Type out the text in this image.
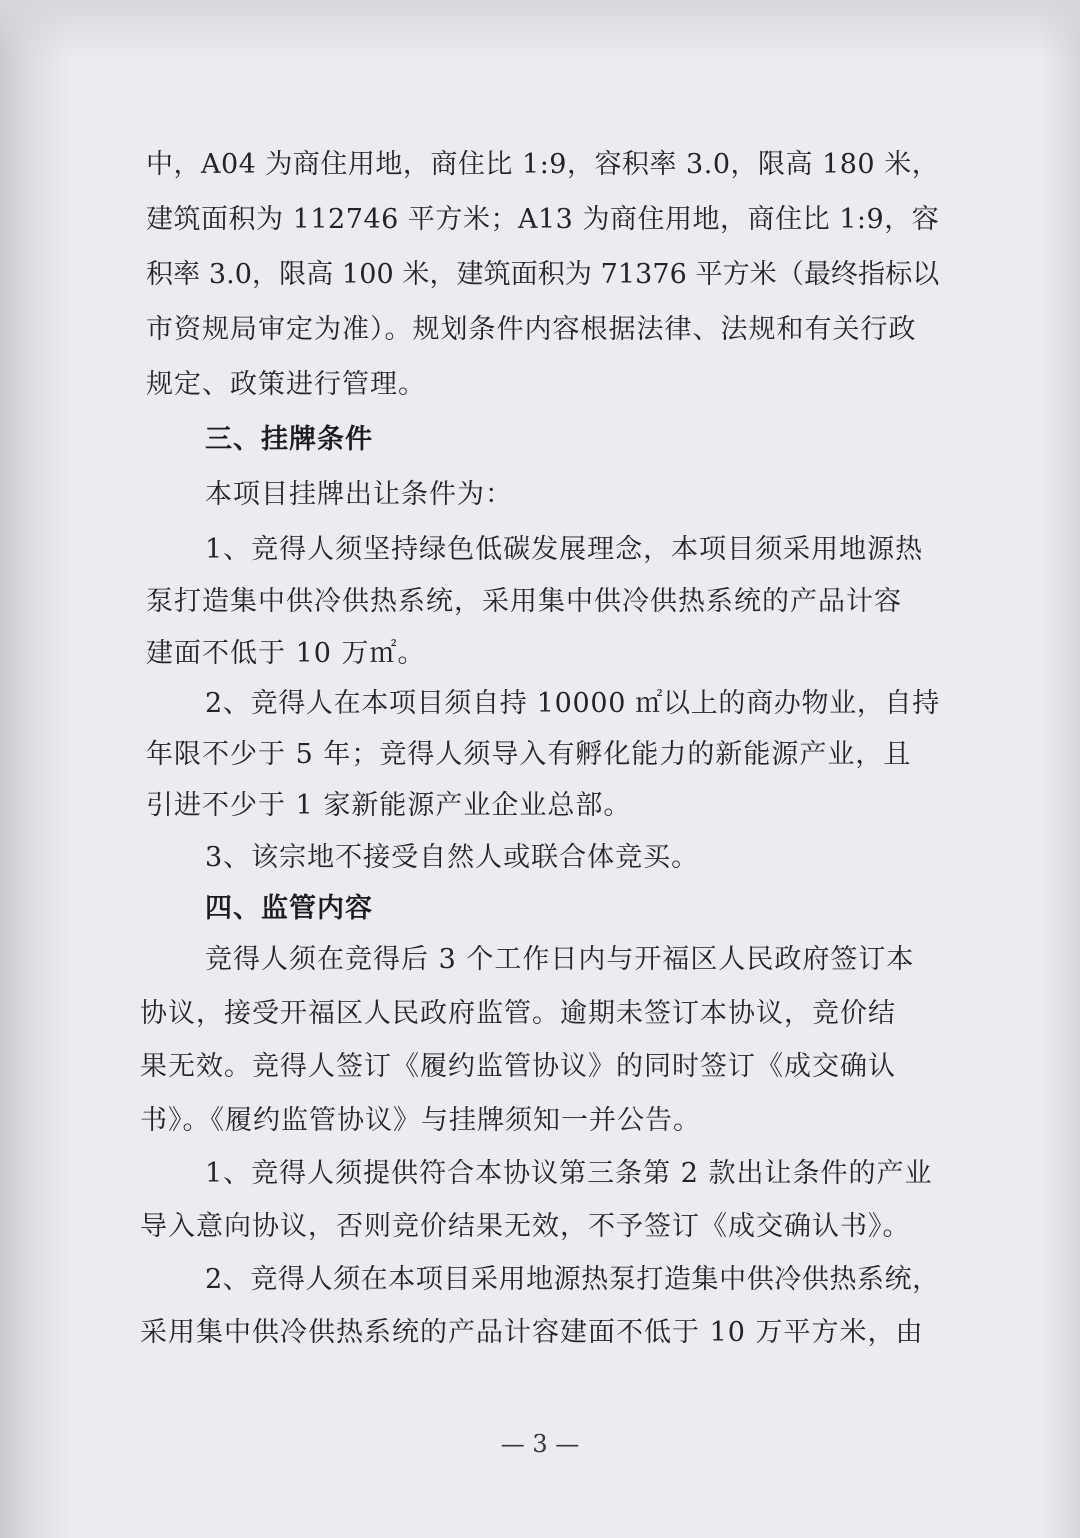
中，A04 为商住用地，商住比 1:9，容积率 3.0，限高 180 米，

建筑面积为 112746 平方米；A13 为商住用地，商住比 1:9，容

积率 3.0，限高 100 米，建筑面积为 71376 平方米（最终指标以

市资规局审定为准）。规划条件内容根据法律、法规和有关行政

规定、政策进行管理。

三、挂牌条件

本项目挂牌出让条件为：

1、竞得人须坚持绿色低碳发展理念，本项目须采用地源热

泵打造集中供冷供热系统，采用集中供冷供热系统的产品计容

建面不低于 10 万㎡。

2、竞得人在本项目须自持 10000 ㎡以上的商办物业，自持

年限不少于 5 年；竞得人须导入有孵化能力的新能源产业，且

引进不少于 1 家新能源产业企业总部。

3、该宗地不接受自然人或联合体竞买。

四、监管内容

竞得人须在竞得后 3 个工作日内与开福区人民政府签订本

协议，接受开福区人民政府监管。逾期未签订本协议，竞价结

果无效。竞得人签订《履约监管协议》的同时签订《成交确认

书》。《履约监管协议》与挂牌须知一并公告。

1、竞得人须提供符合本协议第三条第 2 款出让条件的产业

导入意向协议，否则竞价结果无效，不予签订《成交确认书》。

2、竞得人须在本项目采用地源热泵打造集中供冷供热系统，

采用集中供冷供热系统的产品计容建面不低于 10 万平方米，由

— 3 —
